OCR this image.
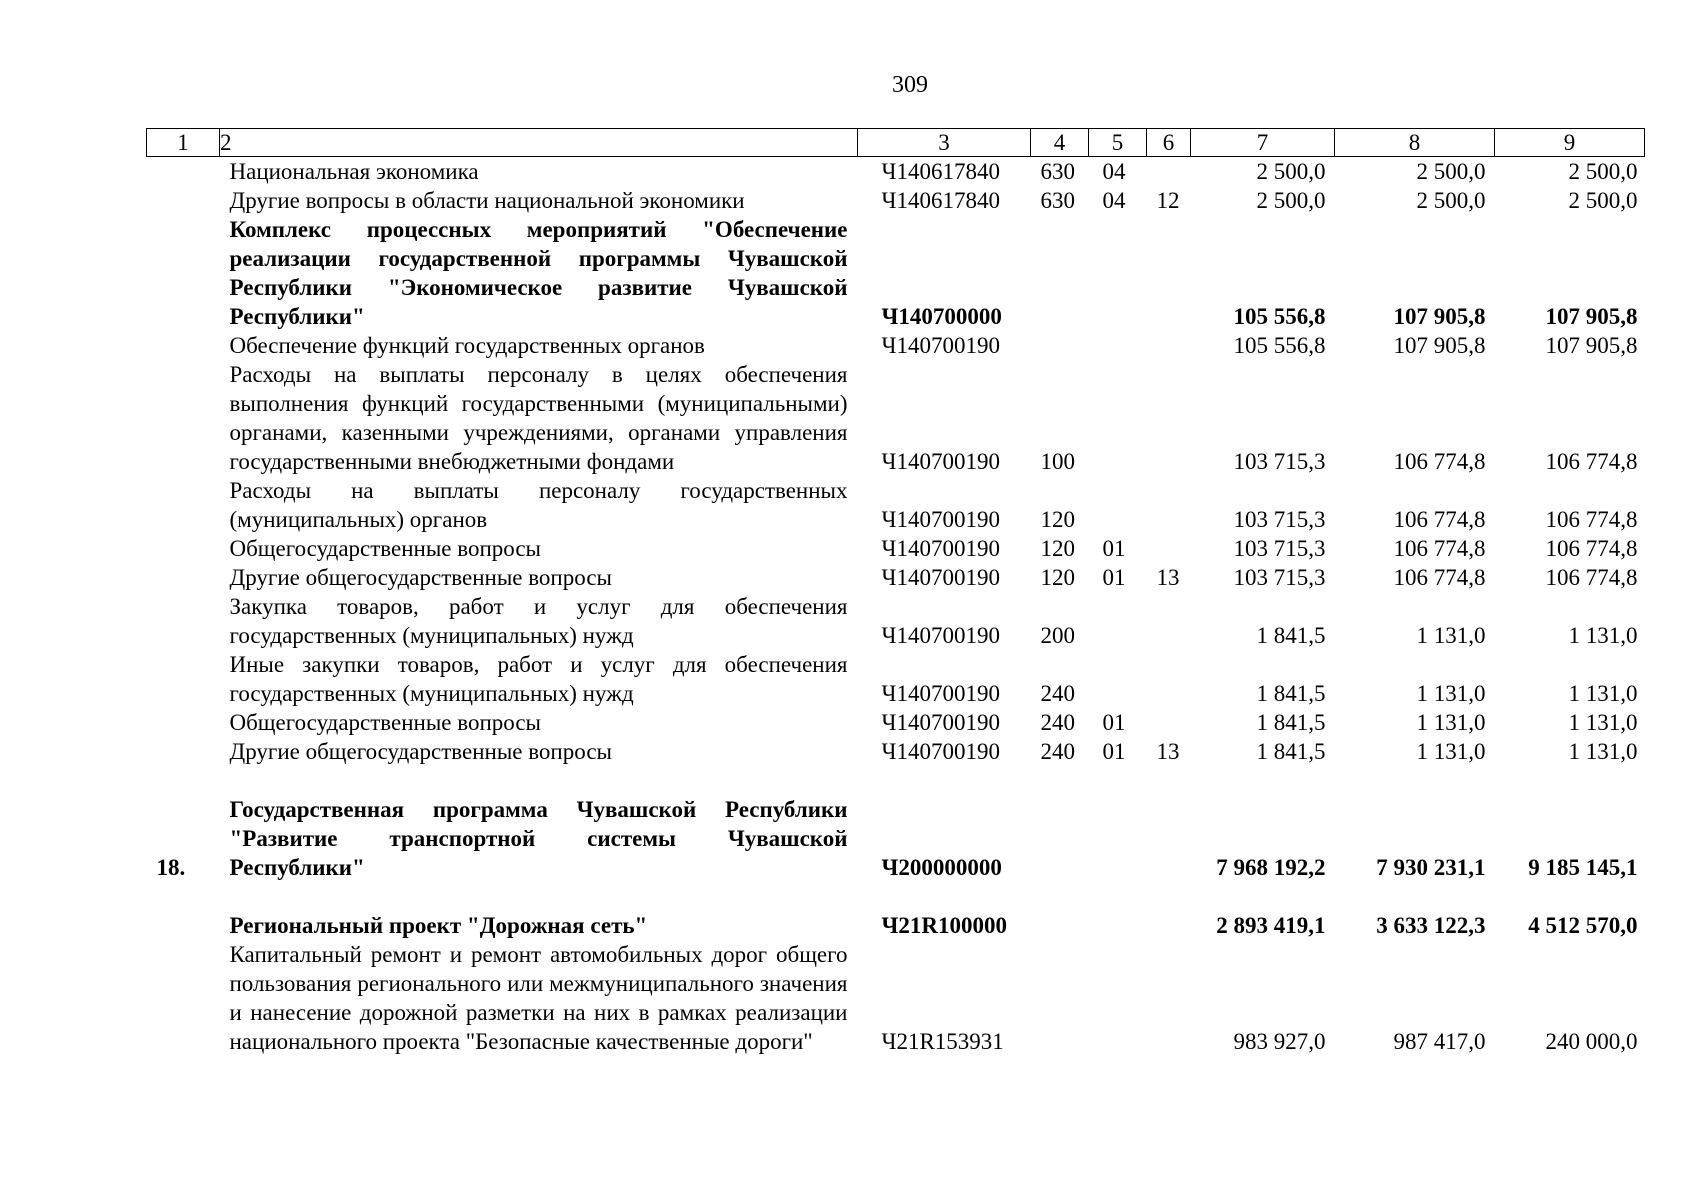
309
1	2	3	4	5	6	7	8	9
	Национальная экономика	Ч140617840	630	04		2 500,0	2 500,0	2 500,0
	Другие вопросы в области национальной экономики	Ч140617840	630	04	12	2 500,0	2 500,0	2 500,0
	Комплекс процессных мероприятий "Обеспечение реализации государственной программы Чувашской Республики "Экономическое развитие Чувашской Республики"	Ч140700000				105 556,8	107 905,8	107 905,8
	Обеспечение функций государственных органов	Ч140700190				105 556,8	107 905,8	107 905,8
	Расходы на выплаты персоналу в целях обеспечения выполнения функций государственными (муниципальными) органами, казенными учреждениями, органами управления государственными внебюджетными фондами	Ч140700190	100			103 715,3	106 774,8	106 774,8
	Расходы на выплаты персоналу государственных (муниципальных) органов	Ч140700190	120			103 715,3	106 774,8	106 774,8
	Общегосударственные вопросы	Ч140700190	120	01		103 715,3	106 774,8	106 774,8
	Другие общегосударственные вопросы	Ч140700190	120	01	13	103 715,3	106 774,8	106 774,8
	Закупка товаров, работ и услуг для обеспечения государственных (муниципальных) нужд	Ч140700190	200			1 841,5	1 131,0	1 131,0
	Иные закупки товаров, работ и услуг для обеспечения государственных (муниципальных) нужд	Ч140700190	240			1 841,5	1 131,0	1 131,0
	Общегосударственные вопросы	Ч140700190	240	01		1 841,5	1 131,0	1 131,0
	Другие общегосударственные вопросы	Ч140700190	240	01	13	1 841,5	1 131,0	1 131,0

18.	Государственная программа Чувашской Республики "Развитие транспортной системы Чувашской Республики"	Ч200000000				7 968 192,2	7 930 231,1	9 185 145,1

	Региональный проект "Дорожная сеть"	Ч21R100000				2 893 419,1	3 633 122,3	4 512 570,0
	Капитальный ремонт и ремонт автомобильных дорог общего пользования регионального или межмуниципального значения и нанесение дорожной разметки на них в рамках реализации национального проекта "Безопасные качественные дороги"	Ч21R153931				983 927,0	987 417,0	240 000,0
